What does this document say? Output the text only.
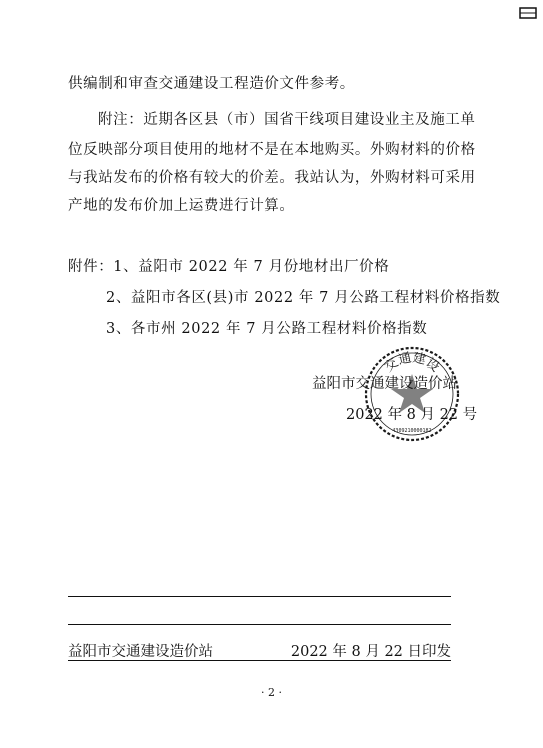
供编制和审查交通建设工程造价文件参考。
附注：近期各区县（市）国省干线项目建设业主及施工单
位反映部分项目使用的地材不是在本地购买。外购材料的价格
与我站发布的价格有较大的价差。我站认为，外购材料可采用
产地的发布价加上运费进行计算。
附件：1、益阳市 2022 年 7 月份地材出厂价格
2、益阳市各区(县)市 2022 年 7 月公路工程材料价格指数
3、各市州 2022 年 7 月公路工程材料价格指数
交通建设
4309210000182
益阳市交通建设造价站
2022 年 8 月 22 号
益阳市交通建设造价站	2022 年 8 月 22 日印发
· 2 ·
